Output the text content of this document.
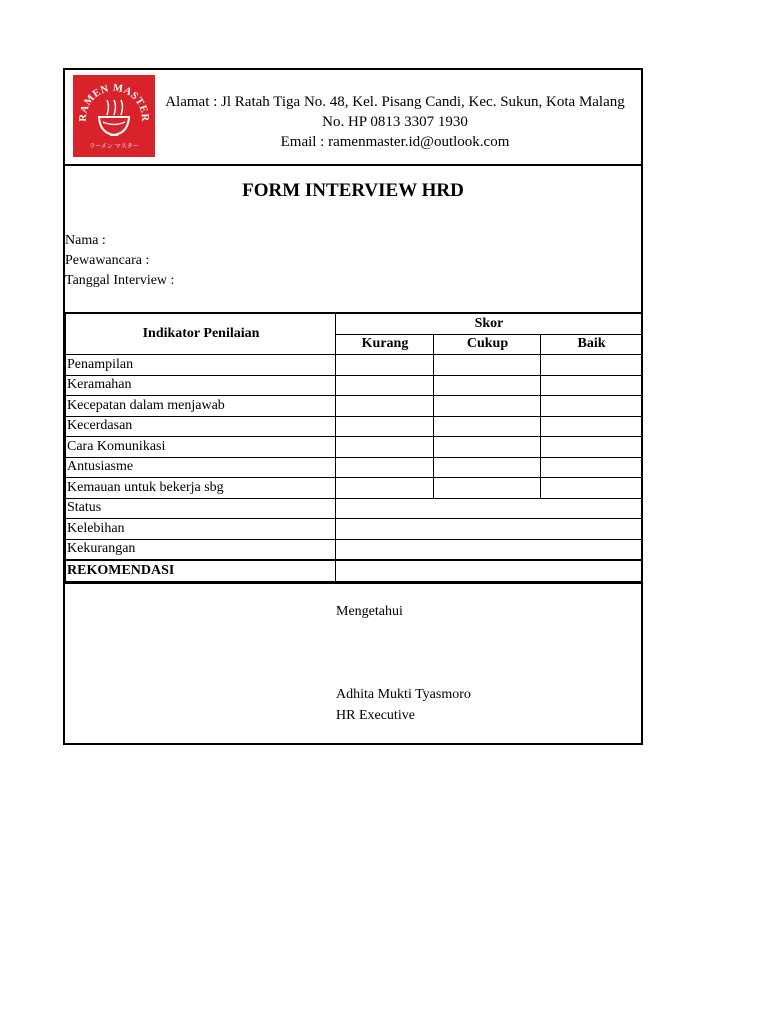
RAMEN MASTER
ラーメン マスター
Alamat : Jl Ratah Tiga No. 48, Kel. Pisang Candi, Kec. Sukun, Kota Malang
No. HP 0813 3307 1930
Email : ramenmaster.id@outlook.com
FORM INTERVIEW HRD
Nama :
Pewawancara :
Tanggal Interview :
Indikator Penilaian	Skor		
	Kurang	Cukup	Baik
Penampilan			
Keramahan			
Kecepatan dalam menjawab			
Kecerdasan			
Cara Komunikasi			
Antusiasme			
Kemauan untuk bekerja sbg			
Status			
Kelebihan			
Kekurangan			
REKOMENDASI			
Mengetahui
Adhita Mukti Tyasmoro
HR Executive
